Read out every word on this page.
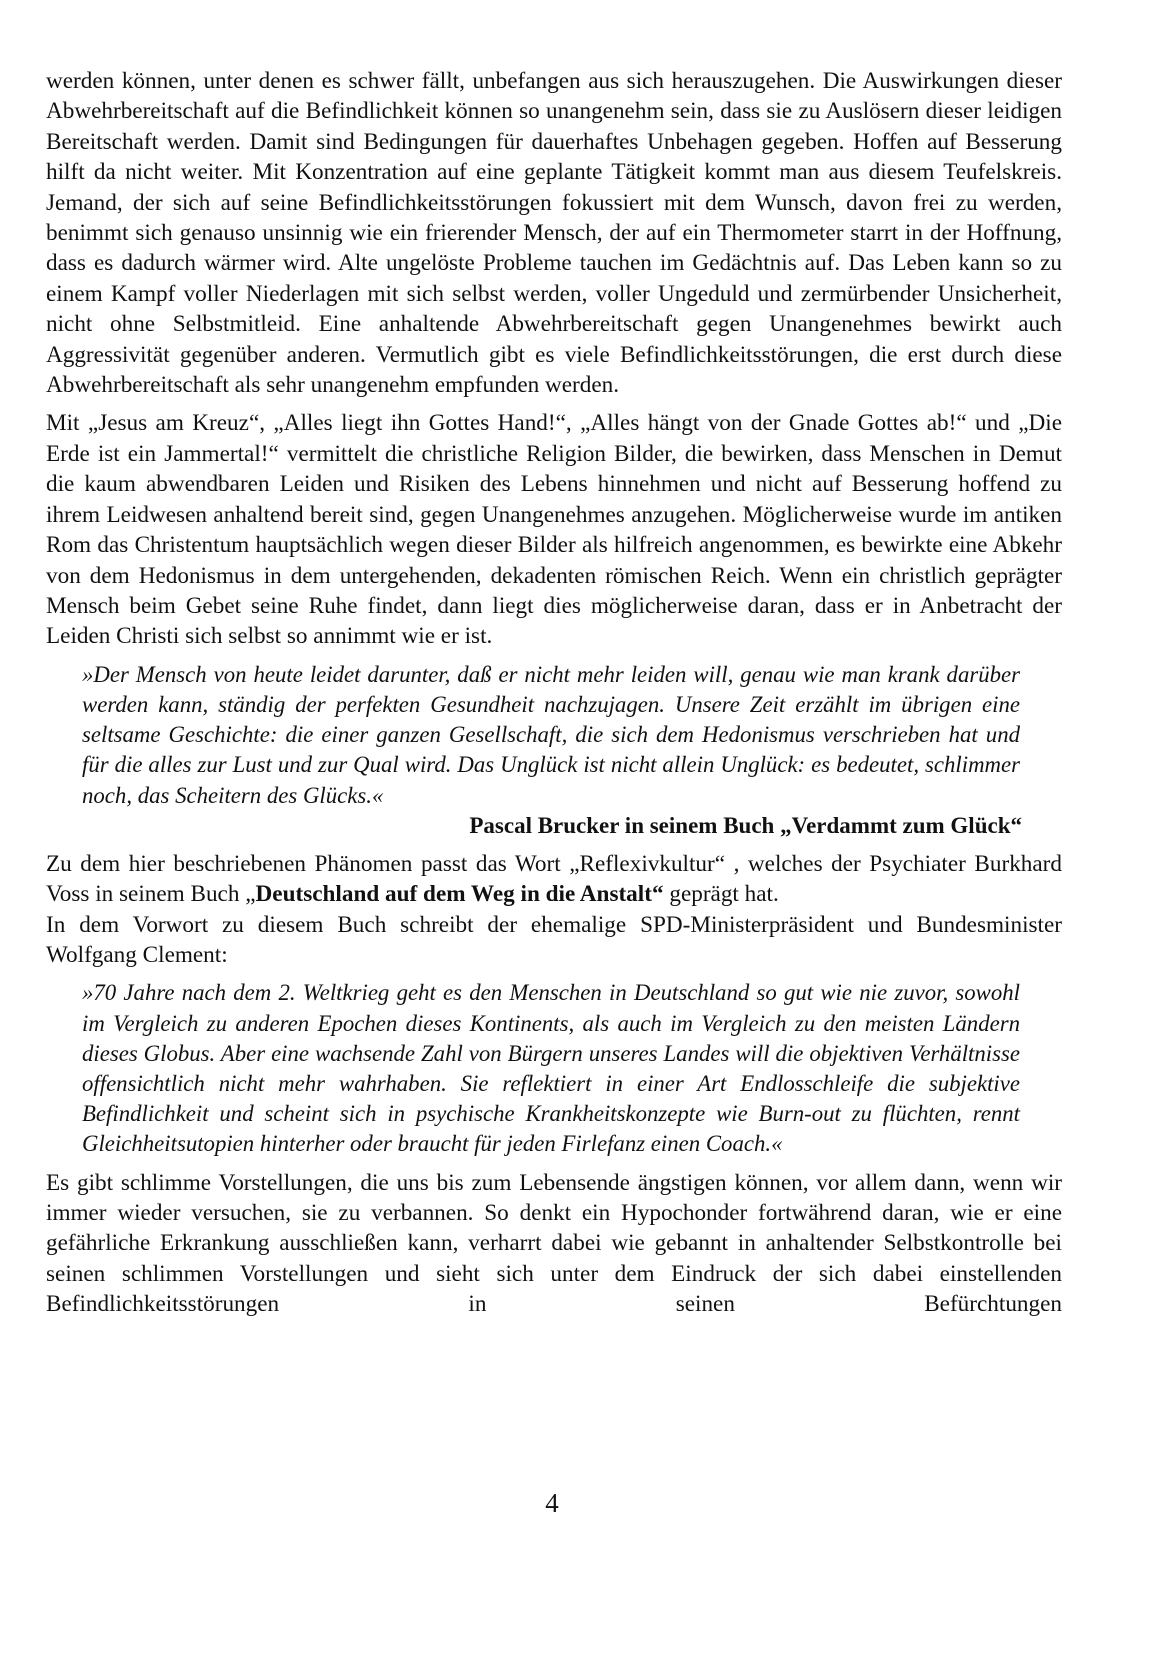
werden können, unter denen es schwer fällt, unbefangen aus sich herauszugehen. Die Auswirkungen dieser Abwehrbereitschaft auf die Befindlichkeit können so unangenehm sein, dass sie zu Auslösern dieser leidigen Bereitschaft werden. Damit sind Bedingungen für dauerhaftes Unbehagen gegeben. Hoffen auf Besserung hilft da nicht weiter. Mit Konzentration auf eine geplante Tätigkeit kommt man aus diesem Teufelskreis. Jemand, der sich auf seine Befindlichkeitsstörungen fokussiert mit dem Wunsch, davon frei zu werden, benimmt sich genauso unsinnig wie ein frierender Mensch, der auf ein Thermometer starrt in der Hoffnung, dass es dadurch wärmer wird. Alte ungelöste Probleme tauchen im Gedächtnis auf. Das Leben kann so zu einem Kampf voller Niederlagen mit sich selbst werden, voller Ungeduld und zermürbender Unsicherheit, nicht ohne Selbstmitleid. Eine anhaltende Abwehrbereitschaft gegen Unangenehmes bewirkt auch Aggressivität gegenüber anderen. Vermutlich gibt es viele Befindlichkeitsstörungen, die erst durch diese Abwehrbereitschaft als sehr unangenehm empfunden werden.

Mit „Jesus am Kreuz“, „Alles liegt ihn Gottes Hand!“, „Alles hängt von der Gnade Gottes ab!“ und „Die Erde ist ein Jammertal!“ vermittelt die christliche Religion Bilder, die bewirken, dass Menschen in Demut die kaum abwendbaren Leiden und Risiken des Lebens hinnehmen und nicht auf Besserung hoffend zu ihrem Leidwesen anhaltend bereit sind, gegen Unangenehmes anzugehen. Möglicherweise wurde im antiken Rom das Christentum hauptsächlich wegen dieser Bilder als hilfreich angenommen, es bewirkte eine Abkehr von dem Hedonismus in dem untergehenden, dekadenten römischen Reich. Wenn ein christlich geprägter Mensch beim Gebet seine Ruhe findet, dann liegt dies möglicherweise daran, dass er in Anbetracht der Leiden Christi sich selbst so annimmt wie er ist.

»Der Mensch von heute leidet darunter, daß er nicht mehr leiden will, genau wie man krank darüber werden kann, ständig der perfekten Gesundheit nachzujagen. Unsere Zeit erzählt im übrigen eine seltsame Geschichte: die einer ganzen Gesellschaft, die sich dem Hedonismus verschrieben hat und für die alles zur Lust und zur Qual wird. Das Unglück ist nicht allein Unglück: es bedeutet, schlimmer noch, das Scheitern des Glücks.«

Pascal Brucker in seinem Buch „Verdammt zum Glück“

Zu dem hier beschriebenen Phänomen passt das Wort „Reflexivkultur“ , welches der Psychiater Burkhard Voss in seinem Buch „Deutschland auf dem Weg in die Anstalt“ geprägt hat.

In dem Vorwort zu diesem Buch schreibt der ehemalige SPD-Ministerpräsident und Bundesminister Wolfgang Clement:

»70 Jahre nach dem 2. Weltkrieg geht es den Menschen in Deutschland so gut wie nie zuvor, sowohl im Vergleich zu anderen Epochen dieses Kontinents, als auch im Vergleich zu den meisten Ländern dieses Globus. Aber eine wachsende Zahl von Bürgern unseres Landes will die objektiven Verhältnisse offensichtlich nicht mehr wahrhaben. Sie reflektiert in einer Art Endlosschleife die subjektive Befindlichkeit und scheint sich in psychische Krankheitskonzepte wie Burn-out zu flüchten, rennt Gleichheitsutopien hinterher oder braucht für jeden Firlefanz einen Coach.«

Es gibt schlimme Vorstellungen, die uns bis zum Lebensende ängstigen können, vor allem dann, wenn wir immer wieder versuchen, sie zu verbannen. So denkt ein Hypochonder fortwährend daran, wie er eine gefährliche Erkrankung ausschließen kann, verharrt dabei wie gebannt in anhaltender Selbstkontrolle bei seinen schlimmen Vorstellungen und sieht sich unter dem Eindruck der sich dabei einstellenden Befindlichkeitsstörungen in seinen Befürchtungen

4
